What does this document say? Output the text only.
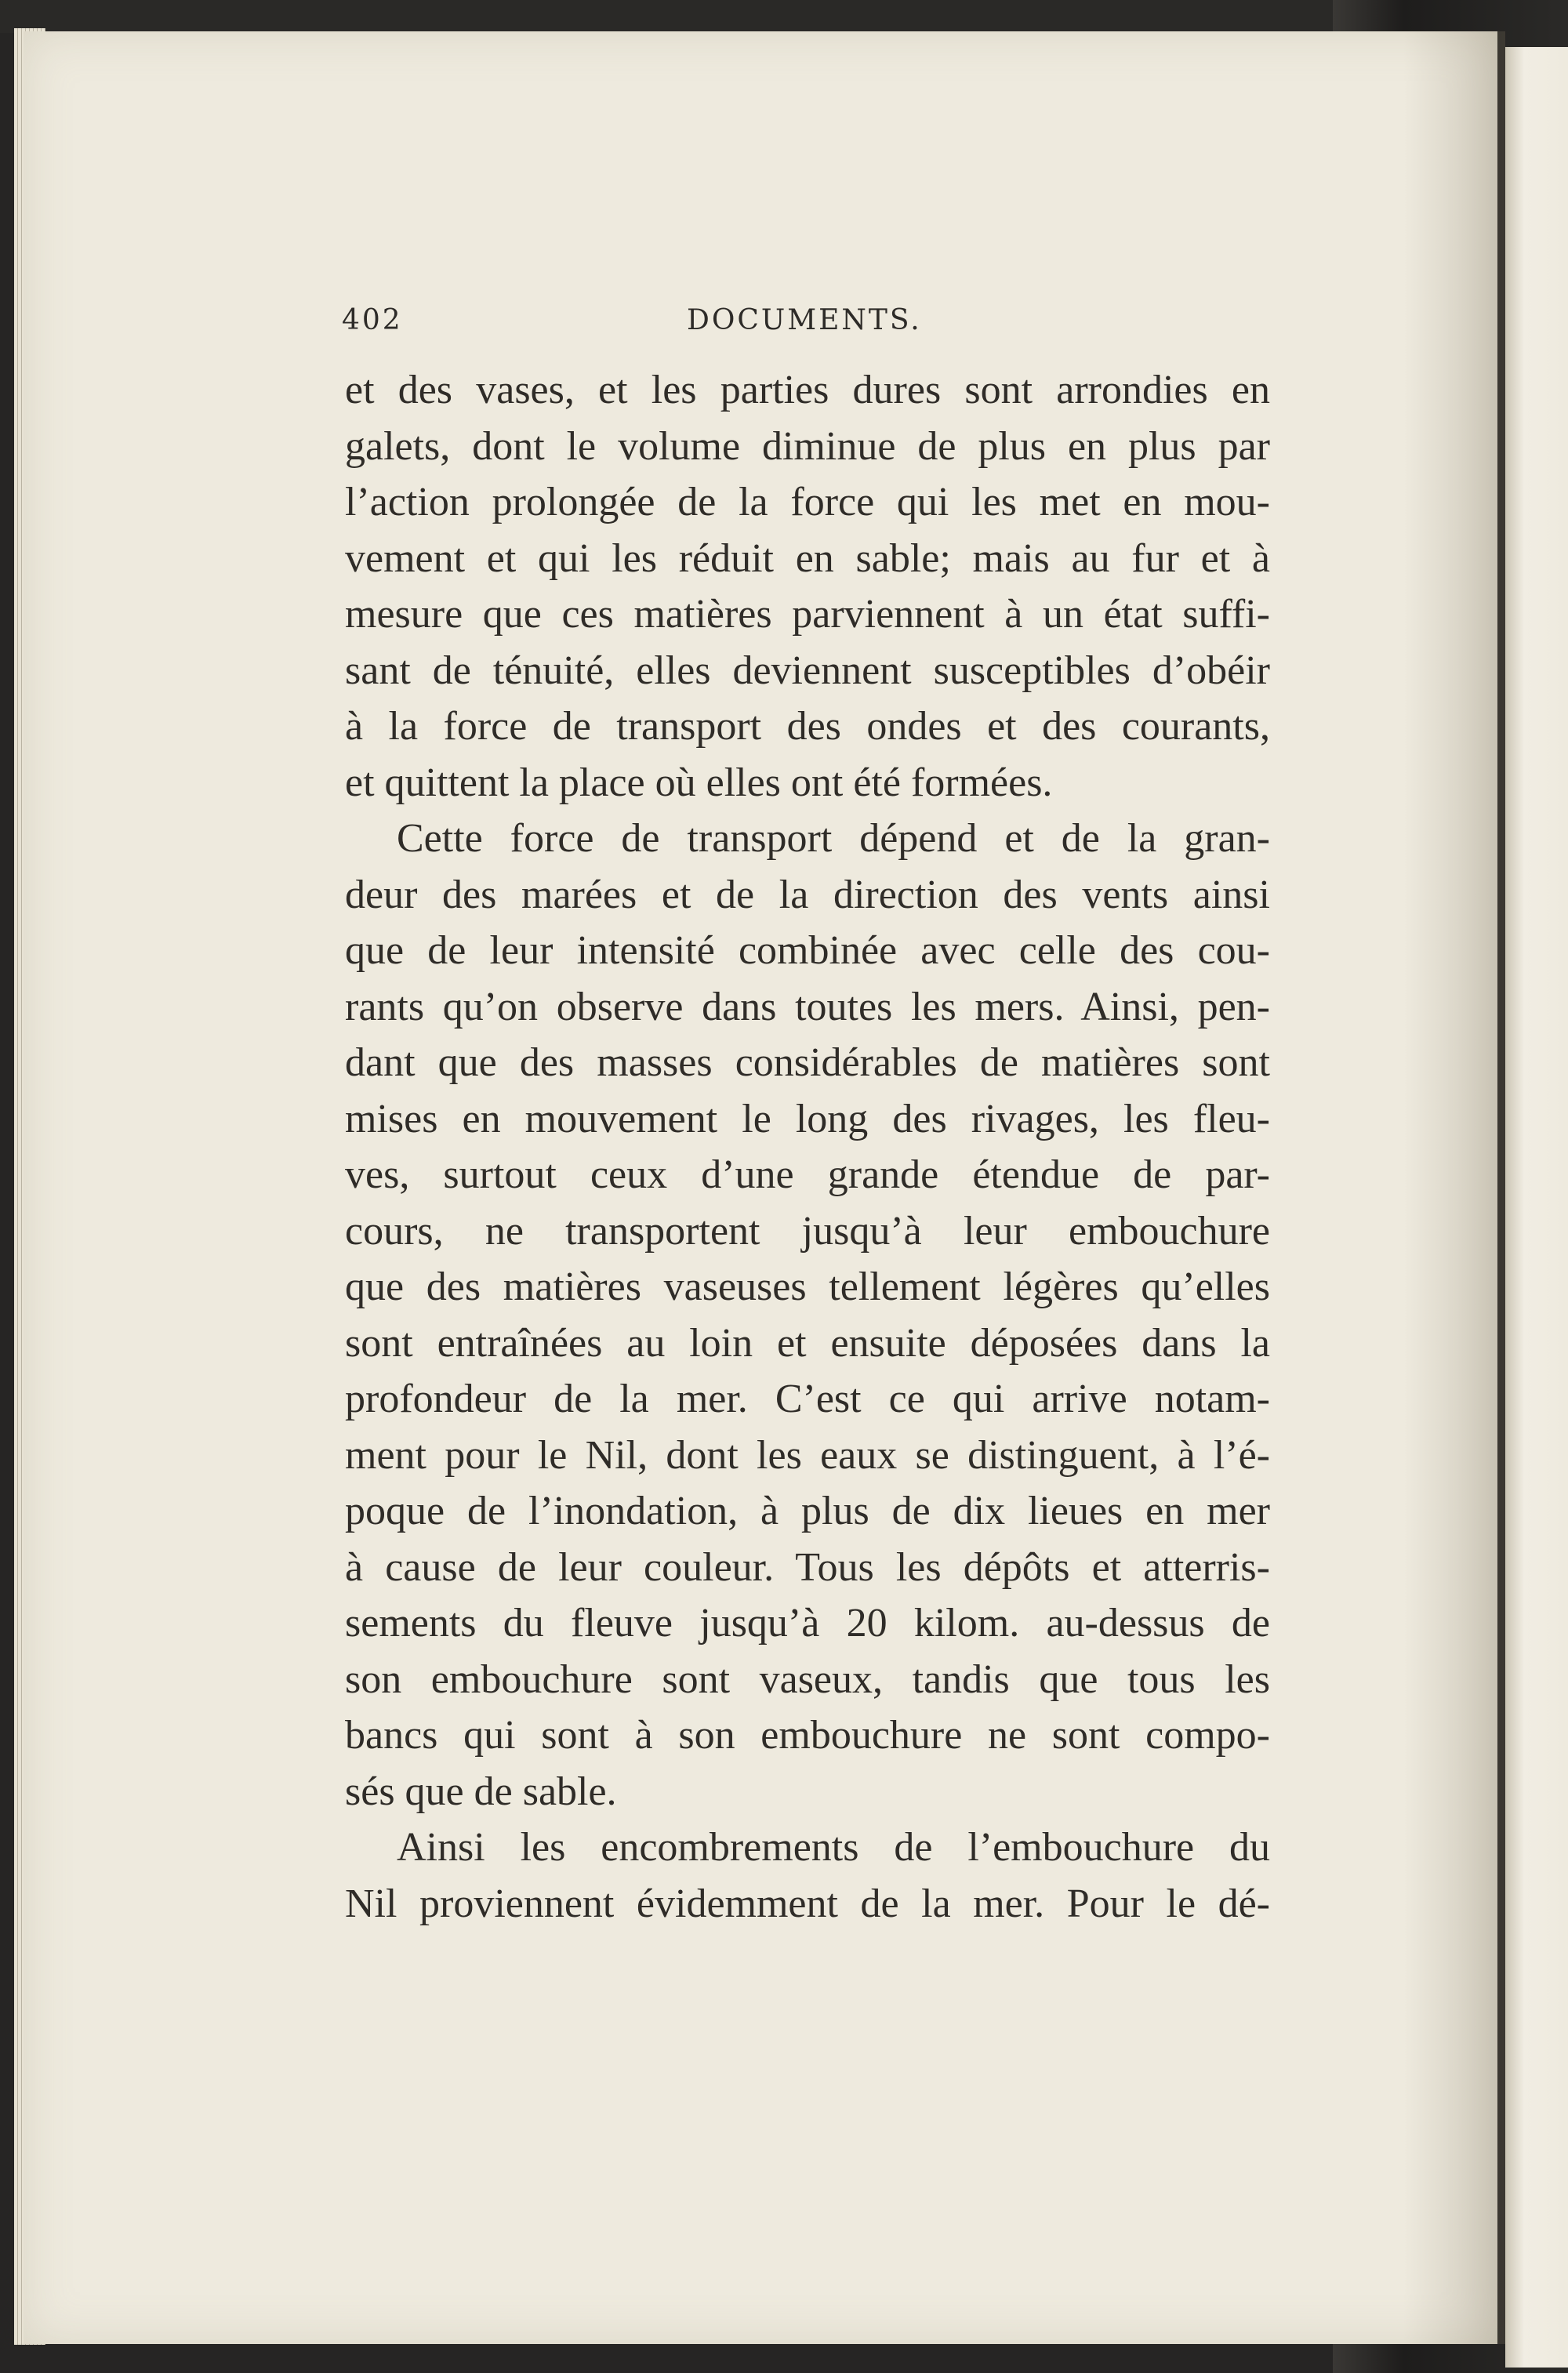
402	DOCUMENTS.
et des vases, et les parties dures sont arrondies en
galets, dont le volume diminue de plus en plus par
l’action prolongée de la force qui les met en mou-
vement et qui les réduit en sable; mais au fur et à
mesure que ces matières parviennent à un état suffi-
sant de ténuité, elles deviennent susceptibles d’obéir
à la force de transport des ondes et des courants,
et quittent la place où elles ont été formées.
Cette force de transport dépend et de la gran-
deur des marées et de la direction des vents ainsi
que de leur intensité combinée avec celle des cou-
rants qu’on observe dans toutes les mers. Ainsi, pen-
dant que des masses considérables de matières sont
mises en mouvement le long des rivages, les fleu-
ves, surtout ceux d’une grande étendue de par-
cours, ne transportent jusqu’à leur embouchure
que des matières vaseuses tellement légères qu’elles
sont entraînées au loin et ensuite déposées dans la
profondeur de la mer. C’est ce qui arrive notam-
ment pour le Nil, dont les eaux se distinguent, à l’é-
poque de l’inondation, à plus de dix lieues en mer
à cause de leur couleur. Tous les dépôts et atterris-
sements du fleuve jusqu’à 20 kilom. au-dessus de
son embouchure sont vaseux, tandis que tous les
bancs qui sont à son embouchure ne sont compo-
sés que de sable.
Ainsi les encombrements de l’embouchure du
Nil proviennent évidemment de la mer. Pour le dé-
